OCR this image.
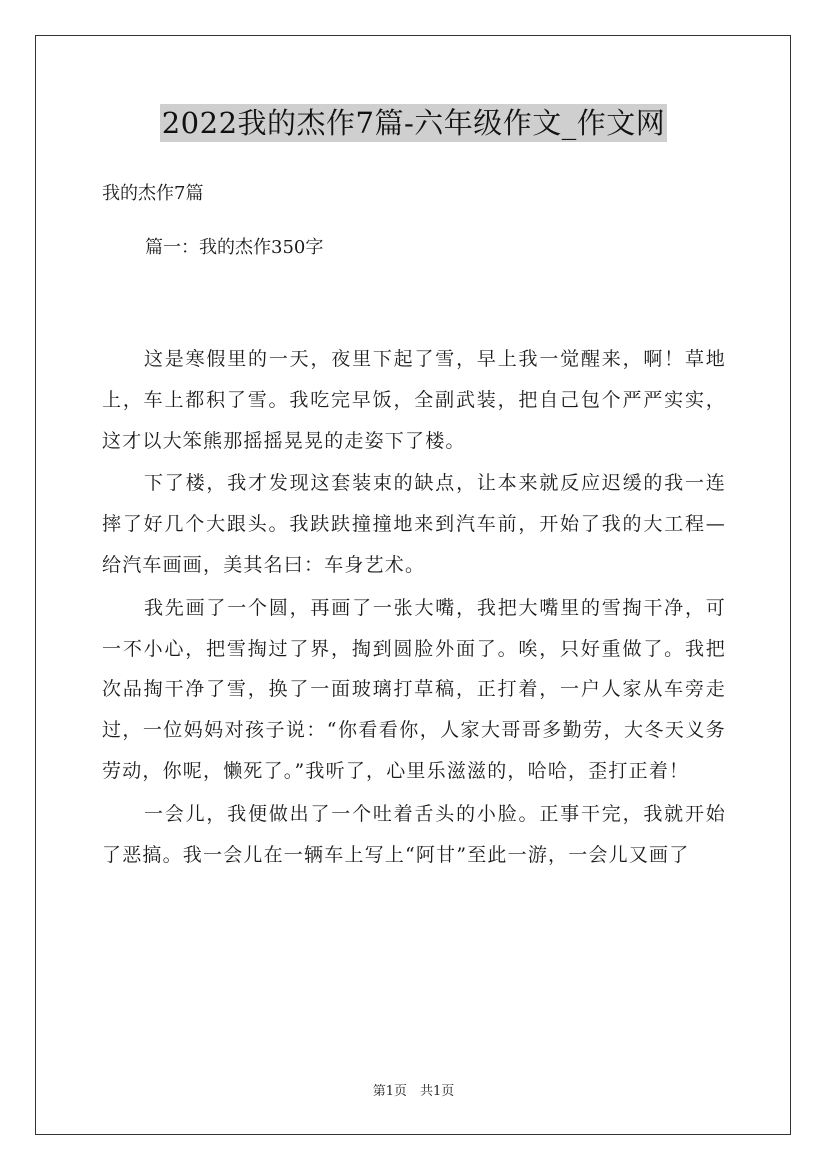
2022我的杰作7篇-六年级作文_作文网
我的杰作7篇
篇一：我的杰作350字

这是寒假里的一天，夜里下起了雪，早上我一觉醒来，啊！草地上，车上都积了雪。我吃完早饭，全副武装，把自己包个严严实实，这才以大笨熊那摇摇晃晃的走姿下了楼。

下了楼，我才发现这套装束的缺点，让本来就反应迟缓的我一连摔了好几个大跟头。我趺趺撞撞地来到汽车前，开始了我的大工程—给汽车画画，美其名曰：车身艺术。

我先画了一个圆，再画了一张大嘴，我把大嘴里的雪掏干净，可一不小心，把雪掏过了界，掏到圆脸外面了。唉，只好重做了。我把次品掏干净了雪，换了一面玻璃打草稿，正打着，一户人家从车旁走过，一位妈妈对孩子说：“你看看你，人家大哥哥多勤劳，大冬天义务劳动，你呢，懒死了。”我听了，心里乐滋滋的，哈哈，歪打正着！

一会儿，我便做出了一个吐着舌头的小脸。正事干完，我就开始了恶搞。我一会儿在一辆车上写上“阿甘”至此一游，一会儿又画了

第1页　共1页
